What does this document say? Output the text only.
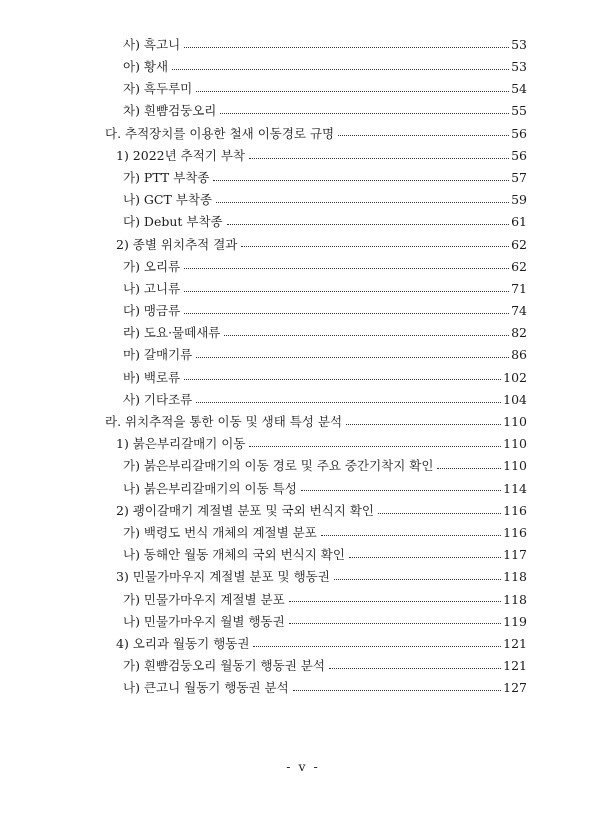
사) 흑고니	53
아) 황새	53
자) 흑두루미	54
차) 흰뺨검둥오리	55
다. 추적장치를 이용한 철새 이동경로 규명	56
1) 2022년 추적기 부착	56
가) PTT 부착종	57
나) GCT 부착종	59
다) Debut 부착종	61
2) 종별 위치추적 결과	62
가) 오리류	62
나) 고니류	71
다) 맹금류	74
라) 도요·물떼새류	82
마) 갈매기류	86
바) 백로류	102
사) 기타조류	104
라. 위치추적을 통한 이동 및 생태 특성 분석	110
1) 붉은부리갈매기 이동	110
가) 붉은부리갈매기의 이동 경로 및 주요 중간기착지 확인	110
나) 붉은부리갈매기의 이동 특성	114
2) 괭이갈매기 계절별 분포 및 국외 번식지 확인	116
가) 백령도 번식 개체의 계절별 분포	116
나) 동해안 월동 개체의 국외 번식지 확인	117
3) 민물가마우지 계절별 분포 및 행동권	118
가) 민물가마우지 계절별 분포	118
나) 민물가마우지 월별 행동권	119
4) 오리과 월동기 행동권	121
가) 흰뺨검둥오리 월동기 행동권 분석	121
나) 큰고니 월동기 행동권 분석	127
- v -
